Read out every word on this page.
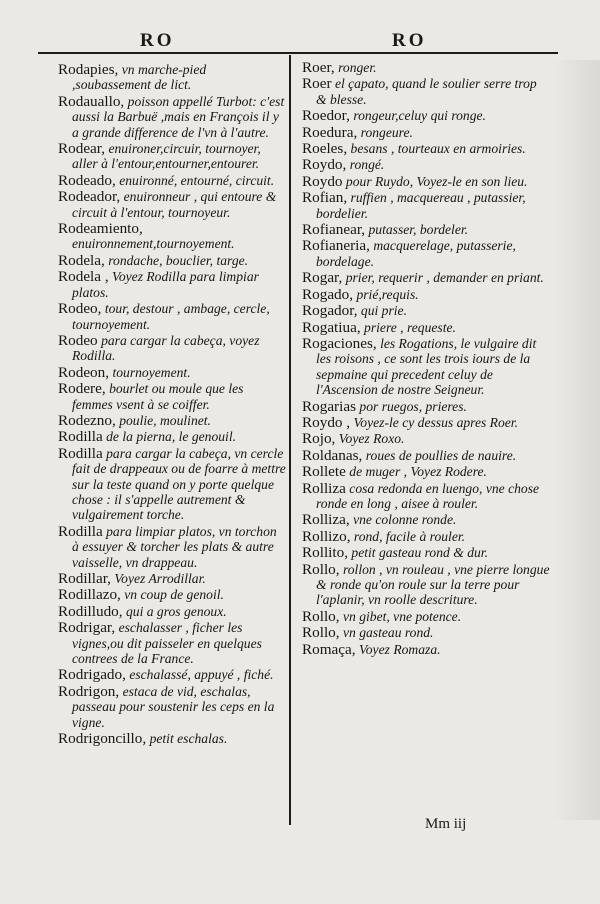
RO	RO
Rodapies, vn marche-pied ,soubassement de lict.
Rodauallo, poisson appellé Turbot: c'est aussi la Barbuë ,mais en François il y a grande difference de l'vn à l'autre.
Rodear, enuironer,circuir, tournoyer, aller à l'entour,entourner,entourer.
Rodeado, enuironné, entourné, circuit.
Rodeador, enuironneur , qui entoure & circuit à l'entour, tournoyeur.
Rodeamiento, enuironnement,tournoyement.
Rodela, rondache, bouclier, targe.
Rodela , Voyez Rodilla para limpiar platos.
Rodeo, tour, destour , ambage, cercle, tournoyement.
Rodeo para cargar la cabeça, voyez Rodilla.
Rodeon, tournoyement.
Rodere, bourlet ou moule que les femmes vsent à se coiffer.
Rodezno, poulie, moulinet.
Rodilla de la pierna, le genouil.
Rodilla para cargar la cabeça, vn cercle fait de drappeaux ou de foarre à mettre sur la teste quand on y porte quelque chose : il s'appelle autrement & vulgairement torche.
Rodilla para limpiar platos, vn torchon à essuyer & torcher les plats & autre vaisselle, vn drappeau.
Rodillar, Voyez Arrodillar.
Rodillazo, vn coup de genoil.
Rodilludo, qui a gros genoux.
Rodrigar, eschalasser , ficher les vignes,ou dit paisseler en quelques contrees de la France.
Rodrigado, eschalassé, appuyé , fiché.
Rodrigon, estaca de vid, eschalas, passeau pour soustenir les ceps en la vigne.
Rodrigoncillo, petit eschalas.
Roer, ronger.
Roer el çapato, quand le soulier serre trop & blesse.
Roedor, rongeur,celuy qui ronge.
Roedura, rongeure.
Roeles, besans , tourteaux en armoiries.
Roydo, rongé.
Roydo pour Ruydo, Voyez-le en son lieu.
Rofian, ruffien , macquereau , putassier, bordelier.
Rofianear, putasser, bordeler.
Rofianeria, macquerelage, putasserie, bordelage.
Rogar, prier, requerir , demander en priant.
Rogado, prié,requis.
Rogador, qui prie.
Rogatiua, priere , requeste.
Rogaciones, les Rogations, le vulgaire dit les roisons , ce sont les trois iours de la sepmaine qui precedent celuy de l'Ascension de nostre Seigneur.
Rogarias por ruegos, prieres.
Roydo , Voyez-le cy dessus apres Roer.
Rojo, Voyez Roxo.
Roldanas, roues de poullies de nauire.
Rollete de muger , Voyez Rodere.
Rolliza cosa redonda en luengo, vne chose ronde en long , aisee à rouler.
Rolliza, vne colonne ronde.
Rollizo, rond, facile à rouler.
Rollito, petit gasteau rond & dur.
Rollo, rollon , vn rouleau , vne pierre longue & ronde qu'on roule sur la terre pour l'aplanir, vn roolle descriture.
Rollo, vn gibet, vne potence.
Rollo, vn gasteau rond.
Romaça, Voyez Romaza.
Mm iij
